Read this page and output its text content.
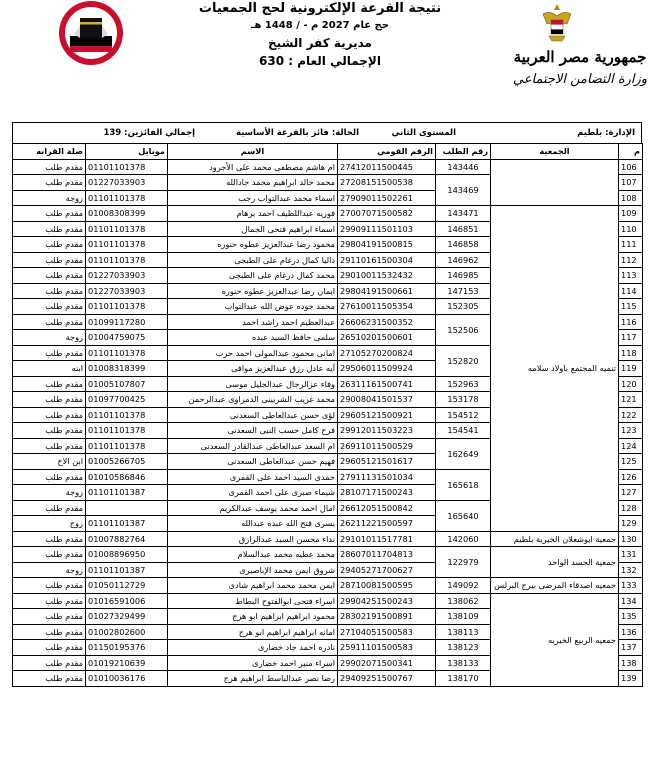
جمهورية مصر العربية
وزارة التضامن الاجتماعي
نتيجة القرعة الإلكترونية لحج الجمعيات
حج عام 2027 م - / 1448 هـ
مديرية كفر الشيخ
الإجمالي العام : 630
الإدارة: بلطيم
المستوى الثاني
الحالة: فائز بالقرعة الأساسية
إجمالي الفائزين: 139
م	الجمعية	رقم الطلب	الرقم القومي	الاسم	موبايل	صلة القرابه
106		143446	27412011500445	ام هاشم مصطفى محمد على الأجرود	01101101378	مقدم طلب
107		143469	27208151500538	محمد خالد ابراهيم محمد جادالله	01227033903	مقدم طلب
108			27909011502261	اسماء محمد عبدالتواب رجب	01101101378	زوجة
109	تنميه المجتمع باولاد سلامه	143471	27007071500582	فوزيه عبداللطيف احمد برهام	01008308399	مقدم طلب
110		146851	29909111501103	اسماء ابراهيم فتحى الجمال	01101101378	مقدم طلب
111		146858	29804191500815	محمود رضا عبدالعزيز عطوه حنوره	01101101378	مقدم طلب
112		146962	29110161500304	داليا كمال درغام على الطبجى	01101101378	مقدم طلب
113		146985	29010011532432	محمد كمال درغام على الطبجى	01227033903	مقدم طلب
114		147153	29804191500661	ايمان رضا عبدالعزيز عطوه حنوره	01227033903	مقدم طلب
115		152305	27610011505354	محمد جوده عوض الله عبدالتواب	01101101378	مقدم طلب
116		152506	26606231500352	عبدالعظيم احمد راشد احمد	01099117280	مقدم طلب
117			26510201500601	سلمى حافظ السيد عبده	01004759075	زوجة
118		152820	27105270200824	امانى محمود عبدالمولى احمد حرب	01101101378	مقدم طلب
119			29506011509924	آيه عادل رزق عبدالعزيز موافى	01008318399	ابنه
120		152963	26311161500741	وفاء عزالرجال عبدالجليل موسى	01005107807	مقدم طلب
121		153178	29008041501537	محمد غريب الشربينى الدمراوى عبدالرحمن	01097700425	مقدم طلب
122		154512	29605121500921	لؤى حسن عبدالعاطى السعدنى	01101101378	مقدم طلب
123		154541	29912011503223	فرح كامل حسب النبى السعدنى	01101101378	مقدم طلب
124		162649	26911011500529	ام السعد عبدالعاطى عبدالقادر السعدنى	01101101378	مقدم طلب
125			29605121501617	فهيم حسن عبدالعاطى السعدنى	01005266705	ابن الاخ
126		165618	27911131501034	حمدى السيد احمد على القمرى	01010586846	مقدم طلب
127			28107171500243	شيماء صبرى على احمد القمرى	01101101387	زوجة
128		165640	26612051500842	امال احمد محمد يوسف عبدالكريم		مقدم طلب
129			26211221500597	يسرى فتح الله عبده عبدالله	01101101387	زوج
130	جمعية ابوشعلان الخيرية بلطيم	142060	29101011517781	نداء محسن السيد عبدالرازق	01007882764	مقدم طلب
131	جمعية الجسد الواحد	122979	28607011704813	محمد عطيه محمد عبدالسلام	01008896950	مقدم طلب
132			29405271700627	شروق ايمن محمد الإباصيرى	01101101387	زوجة
133	جمعيه اصدقاء المرضى ببرج البرلس	149092	28710081500595	ايمن محمد محمد ابراهيم شادى	01050112729	مقدم طلب
134	جمعيه الربيع الخيريه	138062	29904251500243	اسراء فتحى ابوالفتوح البطاط	01016591006	مقدم طلب
135		138109	28302191500891	محمود ابراهيم ابراهيم ابو هرج	01027329499	مقدم طلب
136		138113	27104051500583	امانه ابراهيم ابراهيم ابو هرج	01002802600	مقدم طلب
137		138123	25911101500583	نادره احمد جاد خضارى	01150195376	مقدم طلب
138		138133	29902071500341	اسراء منير احمد خضارى	01019210639	مقدم طلب
139		138170	29409251500767	رضا نصر عبدالباسط ابراهيم هرج	01010036176	مقدم طلب
